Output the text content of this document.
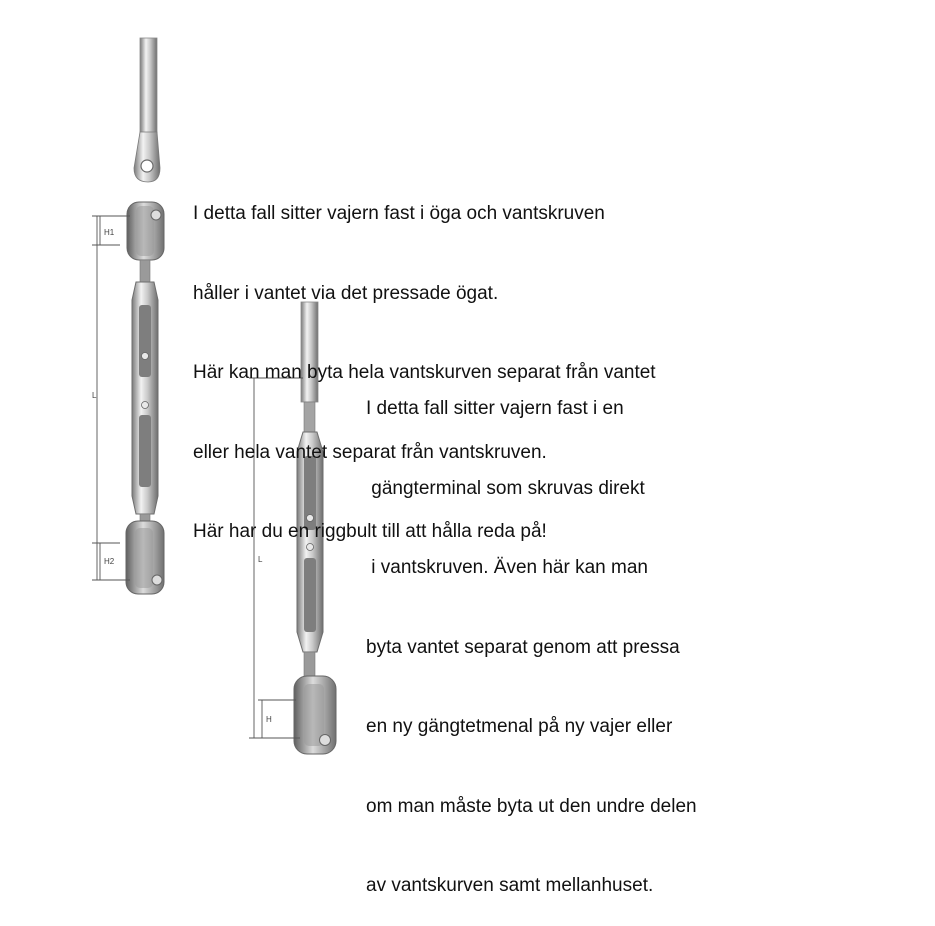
H1
L
H2	L
H

I detta fall sitter vajern fast i öga och vantskruven

håller i vantet via det pressade ögat.

Här kan man byta hela vantskurven separat från vantet

eller hela vantet separat från vantskruven.

Här har du en riggbult till att hålla reda på!

I detta fall sitter vajern fast i en

gängterminal som skruvas direkt

i vantskruven. Även här kan man

byta vantet separat genom att pressa

en ny gängtetmenal på ny vajer eller

om man måste byta ut den undre delen

av vantskurven samt mellanhuset.
